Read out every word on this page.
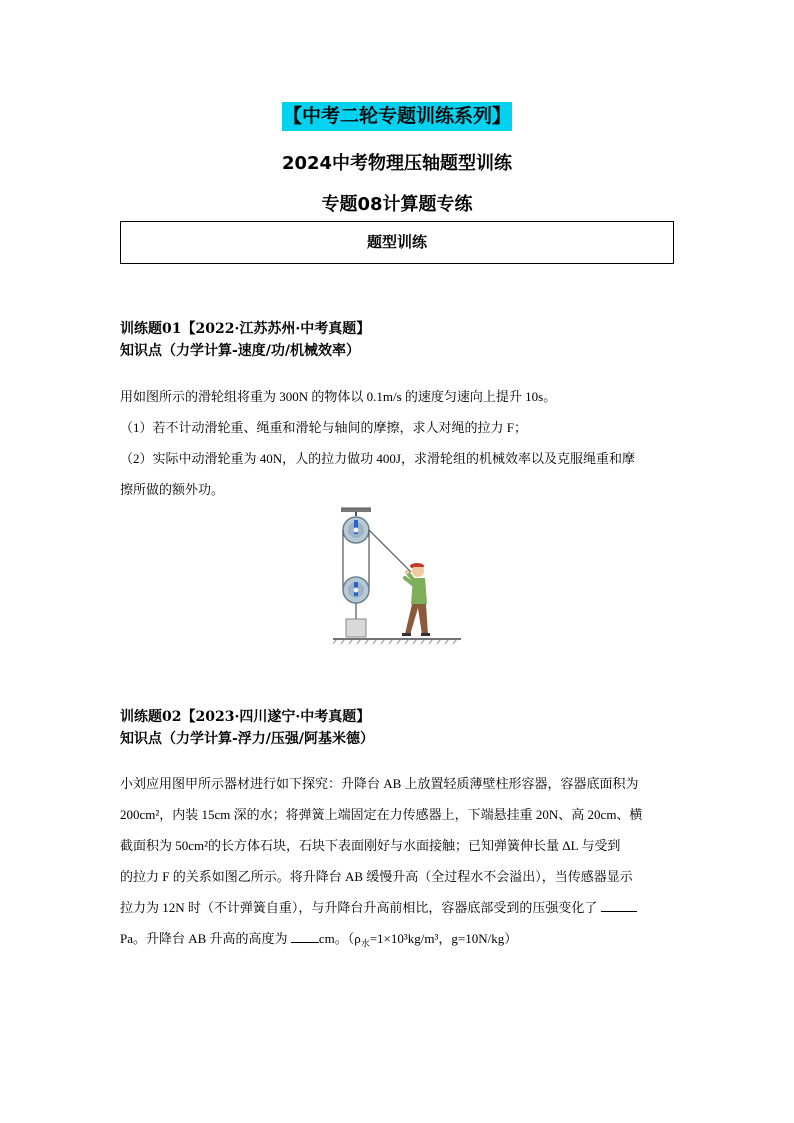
【中考二轮专题训练系列】
2024中考物理压轴题型训练
专题08计算题专练
题型训练
训练题01【2022·江苏苏州·中考真题】
知识点（力学计算-速度/功/机械效率）

用如图所示的滑轮组将重为 300N 的物体以 0.1m/s 的速度匀速向上提升 10s。

（1）若不计动滑轮重、绳重和滑轮与轴间的摩擦，求人对绳的拉力 F；

（2）实际中动滑轮重为 40N，人的拉力做功 400J，求滑轮组的机械效率以及克服绳重和摩

擦所做的额外功。

训练题02【2023·四川遂宁·中考真题】
知识点（力学计算-浮力/压强/阿基米德）

小刘应用图甲所示器材进行如下探究：升降台 AB 上放置轻质薄壁柱形容器，容器底面积为

200cm²，内装 15cm 深的水；将弹簧上端固定在力传感器上，下端悬挂重 20N、高 20cm、横

截面积为 50cm²的长方体石块，石块下表面刚好与水面接触；已知弹簧伸长量 ΔL 与受到

的拉力 F 的关系如图乙所示。将升降台 AB 缓慢升高（全过程水不会溢出），当传感器显示

拉力为 12N 时（不计弹簧自重），与升降台升高前相比，容器底部受到的压强变化了

Pa。升降台 AB 升高的高度为 cm。（$\rho_水=1\times 10^3kg/m^3$，g=10N/kg）
